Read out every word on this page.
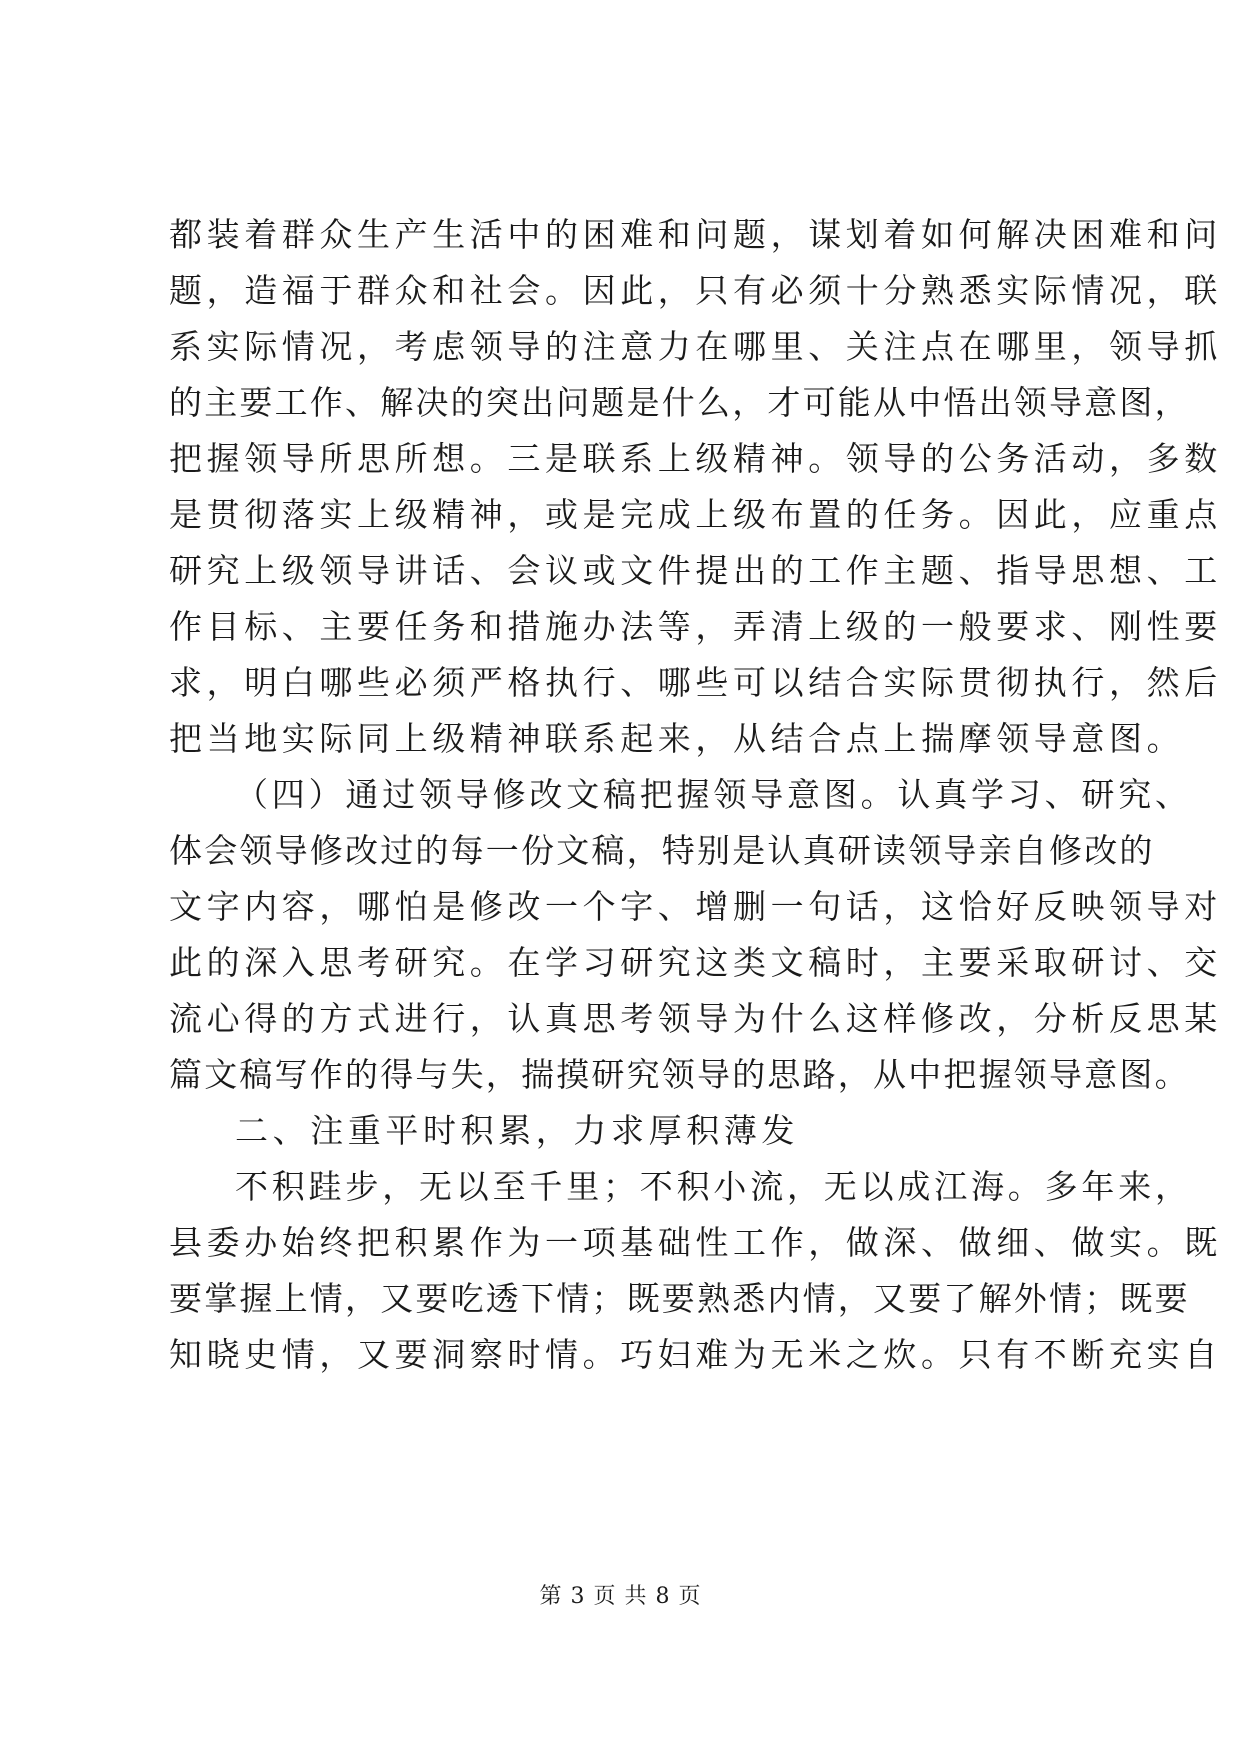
都装着群众生产生活中的困难和问题，谋划着如何解决困难和问
题，造福于群众和社会。因此，只有必须十分熟悉实际情况，联
系实际情况，考虑领导的注意力在哪里、关注点在哪里，领导抓
的主要工作、解决的突出问题是什么，才可能从中悟出领导意图，
把握领导所思所想。三是联系上级精神。领导的公务活动，多数
是贯彻落实上级精神，或是完成上级布置的任务。因此，应重点
研究上级领导讲话、会议或文件提出的工作主题、指导思想、工
作目标、主要任务和措施办法等，弄清上级的一般要求、刚性要
求，明白哪些必须严格执行、哪些可以结合实际贯彻执行，然后
把当地实际同上级精神联系起来，从结合点上揣摩领导意图。
（四）通过领导修改文稿把握领导意图。认真学习、研究、
体会领导修改过的每一份文稿，特别是认真研读领导亲自修改的
文字内容，哪怕是修改一个字、增删一句话，这恰好反映领导对
此的深入思考研究。在学习研究这类文稿时，主要采取研讨、交
流心得的方式进行，认真思考领导为什么这样修改，分析反思某
篇文稿写作的得与失，揣摸研究领导的思路，从中把握领导意图。
二、注重平时积累，力求厚积薄发
不积跬步，无以至千里；不积小流，无以成江海。多年来，
县委办始终把积累作为一项基础性工作，做深、做细、做实。既
要掌握上情，又要吃透下情；既要熟悉内情，又要了解外情；既要
知晓史情，又要洞察时情。巧妇难为无米之炊。只有不断充实自
第 3 页 共 8 页
